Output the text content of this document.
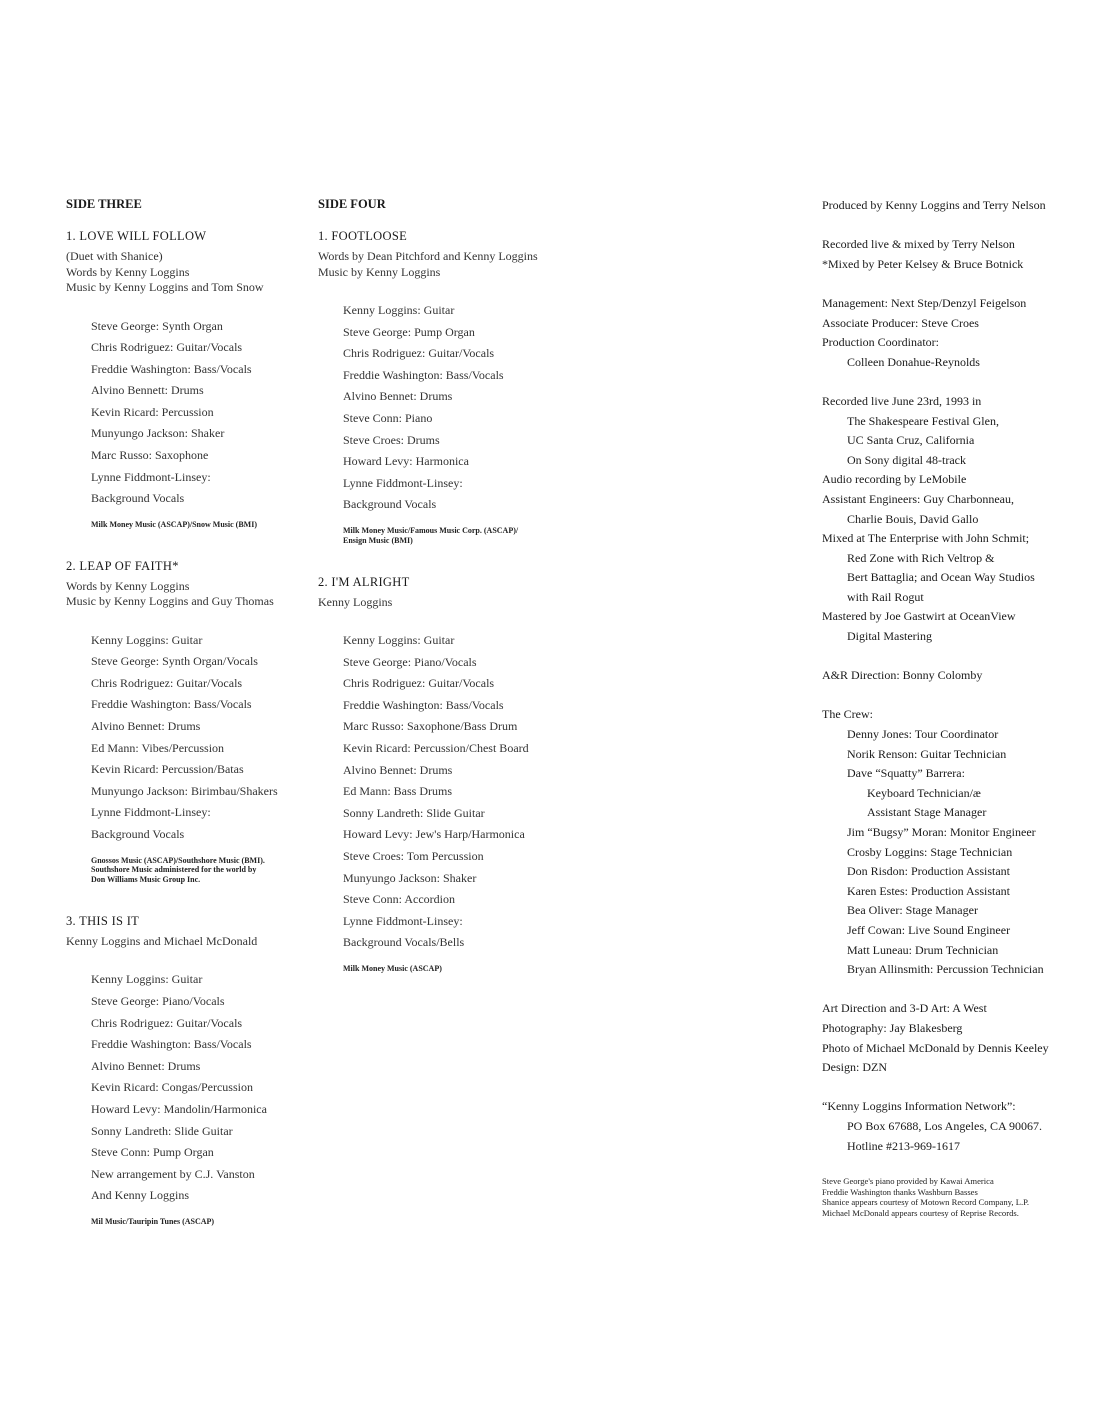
SIDE THREE
1. LOVE WILL FOLLOW
(Duet with Shanice)
Words by Kenny Loggins
Music by Kenny Loggins and Tom Snow
Steve George: Synth Organ
Chris Rodriguez: Guitar/Vocals
Freddie Washington: Bass/Vocals
Alvino Bennett: Drums
Kevin Ricard: Percussion
Munyungo Jackson: Shaker
Marc Russo: Saxophone
Lynne Fiddmont-Linsey:
Background Vocals
Milk Money Music (ASCAP)/Snow Music (BMI)
2. LEAP OF FAITH*
Words by Kenny Loggins
Music by Kenny Loggins and Guy Thomas
Kenny Loggins: Guitar
Steve George: Synth Organ/Vocals
Chris Rodriguez: Guitar/Vocals
Freddie Washington: Bass/Vocals
Alvino Bennet: Drums
Ed Mann: Vibes/Percussion
Kevin Ricard: Percussion/Batas
Munyungo Jackson: Birimbau/Shakers
Lynne Fiddmont-Linsey:
Background Vocals
Gnossos Music (ASCAP)/Southshore Music (BMI).
Southshore Music administered for the world by
Don Williams Music Group Inc.
3. THIS IS IT
Kenny Loggins and Michael McDonald
Kenny Loggins: Guitar
Steve George: Piano/Vocals
Chris Rodriguez: Guitar/Vocals
Freddie Washington: Bass/Vocals
Alvino Bennet: Drums
Kevin Ricard: Congas/Percussion
Howard Levy: Mandolin/Harmonica
Sonny Landreth: Slide Guitar
Steve Conn: Pump Organ
New arrangement by C.J. Vanston
And Kenny Loggins
Mil Music/Tauripin Tunes (ASCAP)
SIDE FOUR
1. FOOTLOOSE
Words by Dean Pitchford and Kenny Loggins
Music by Kenny Loggins
Kenny Loggins: Guitar
Steve George: Pump Organ
Chris Rodriguez: Guitar/Vocals
Freddie Washington: Bass/Vocals
Alvino Bennet: Drums
Steve Conn: Piano
Steve Croes: Drums
Howard Levy: Harmonica
Lynne Fiddmont-Linsey:
Background Vocals
Milk Money Music/Famous Music Corp. (ASCAP)/
Ensign Music (BMI)
2. I'M ALRIGHT
Kenny Loggins
Kenny Loggins: Guitar
Steve George: Piano/Vocals
Chris Rodriguez: Guitar/Vocals
Freddie Washington: Bass/Vocals
Marc Russo: Saxophone/Bass Drum
Kevin Ricard: Percussion/Chest Board
Alvino Bennet: Drums
Ed Mann: Bass Drums
Sonny Landreth: Slide Guitar
Howard Levy: Jew's Harp/Harmonica
Steve Croes: Tom Percussion
Munyungo Jackson: Shaker
Steve Conn: Accordion
Lynne Fiddmont-Linsey:
Background Vocals/Bells
Milk Money Music (ASCAP)
Produced by Kenny Loggins and Terry Nelson
Recorded live & mixed by Terry Nelson
*Mixed by Peter Kelsey & Bruce Botnick
Management: Next Step/Denzyl Feigelson
Associate Producer: Steve Croes
Production Coordinator:
Colleen Donahue-Reynolds
Recorded live June 23rd, 1993 in
The Shakespeare Festival Glen,
UC Santa Cruz, California
On Sony digital 48-track
Audio recording by LeMobile
Assistant Engineers: Guy Charbonneau,
Charlie Bouis, David Gallo
Mixed at The Enterprise with John Schmit;
Red Zone with Rich Veltrop &
Bert Battaglia; and Ocean Way Studios
with Rail Rogut
Mastered by Joe Gastwirt at OceanView
Digital Mastering
A&R Direction: Bonny Colomby
The Crew:
Denny Jones: Tour Coordinator
Norik Renson: Guitar Technician
Dave “Squatty” Barrera:
Keyboard Technician/æ
Assistant Stage Manager
Jim “Bugsy” Moran: Monitor Engineer
Crosby Loggins: Stage Technician
Don Risdon: Production Assistant
Karen Estes: Production Assistant
Bea Oliver: Stage Manager
Jeff Cowan: Live Sound Engineer
Matt Luneau: Drum Technician
Bryan Allinsmith: Percussion Technician
Art Direction and 3-D Art: A West
Photography: Jay Blakesberg
Photo of Michael McDonald by Dennis Keeley
Design: DZN
“Kenny Loggins Information Network”:
PO Box 67688, Los Angeles, CA 90067.
Hotline #213-969-1617
Steve George's piano provided by Kawai America
Freddie Washington thanks Washburn Basses
Shanice appears courtesy of Motown Record Company, L.P.
Michael McDonald appears courtesy of Reprise Records.
